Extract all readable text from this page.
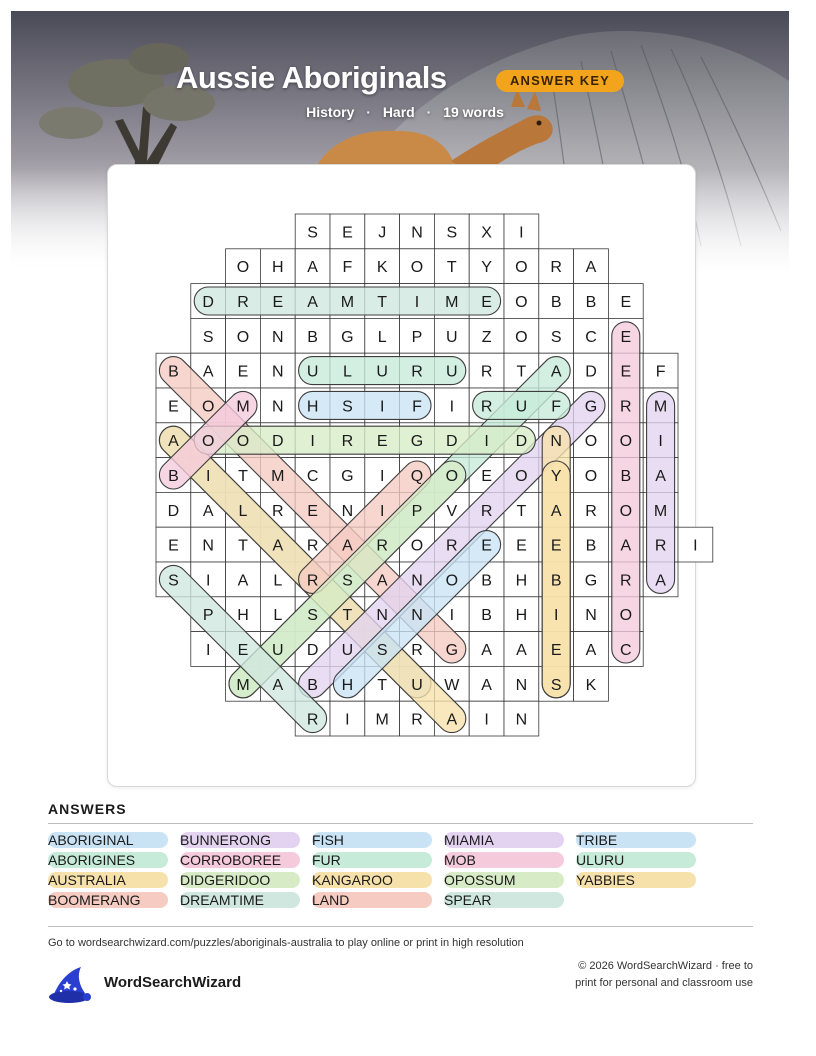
Aussie Aboriginals	ANSWER KEY
History · Hard · 19 words
S E J N S X I
O H A F K O T Y O R A
D R E A M T I M E O B B E
S O N B G L P U Z O S C E
B A E N U L U R U R T A D E F
E O M N H S I F I R U F G R M
A O O D I R E G D I D N O O I
B I T M C G I Q O E O Y O B A
D A L R E N I P V R T A R O M
E N T A R A R O R E E E B A R I
S I A L R S A N O B H B G R A
P H L S T N N I B H I N O
I E U D U S R G A A E A C
M A B H T U W A N S K
R I M R A I N
ANSWERS
ABORIGINAL
ABORIGINES
AUSTRALIA
BOOMERANG
BUNNERONG
CORROBOREE
DIDGERIDOO
DREAMTIME
FISH
FUR
KANGAROO
LAND
MIAMIA
MOB
OPOSSUM
SPEAR
TRIBE
ULURU
YABBIES
Go to wordsearchwizard.com/puzzles/aboriginals-australia to play online or print in high resolution
WordSearchWizard
© 2026 WordSearchWizard · free to print for personal and classroom use
